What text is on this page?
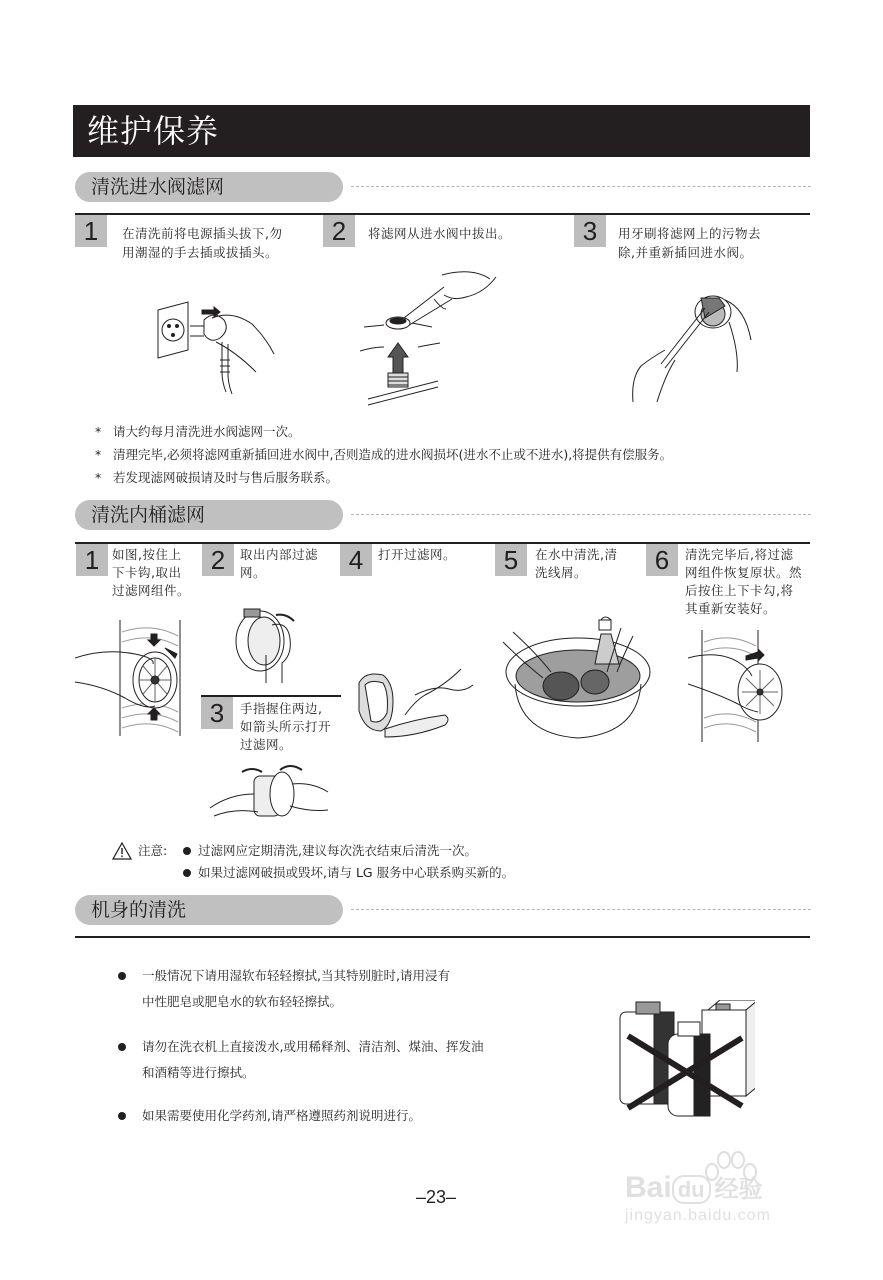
维护保养
清洗进水阀滤网
1	在清洗前将电源插头拔下,勿
用潮湿的手去插或拔插头。
2	将滤网从进水阀中拔出。	3	用牙刷将滤网上的污物去
除,并重新插回进水阀。
* 请大约每月清洗进水阀滤网一次。
* 清理完毕,必须将滤网重新插回进水阀中,否则造成的进水阀损坏(进水不止或不进水),将提供有偿服务。
* 若发现滤网破损请及时与售后服务联系。
清洗内桶滤网
1	如图,按住上
下卡钩,取出
过滤网组件。
2	取出内部过滤
网。	4	打开过滤网。	5	在水中清洗,清
洗线屑。	6	清洗完毕后,将过滤
网组件恢复原状。然
后按住上下卡勾,将
其重新安装好。
3	手指握住两边,
如箭头所示打开
过滤网。
注意: 过滤网应定期清洗,建议每次洗衣结束后清洗一次。
如果过滤网破损或毁坏,请与 LG 服务中心联系购买新的。
机身的清洗
一般情况下请用湿软布轻轻擦拭,当其特别脏时,请用浸有
中性肥皂或肥皂水的软布轻轻擦拭。
请勿在洗衣机上直接泼水,或用稀释剂、清洁剂、煤油、挥发油
和酒精等进行擦拭。
如果需要使用化学药剂,请严格遵照药剂说明进行。
–23–	Bai du 经验
jingyan.baidu.com
